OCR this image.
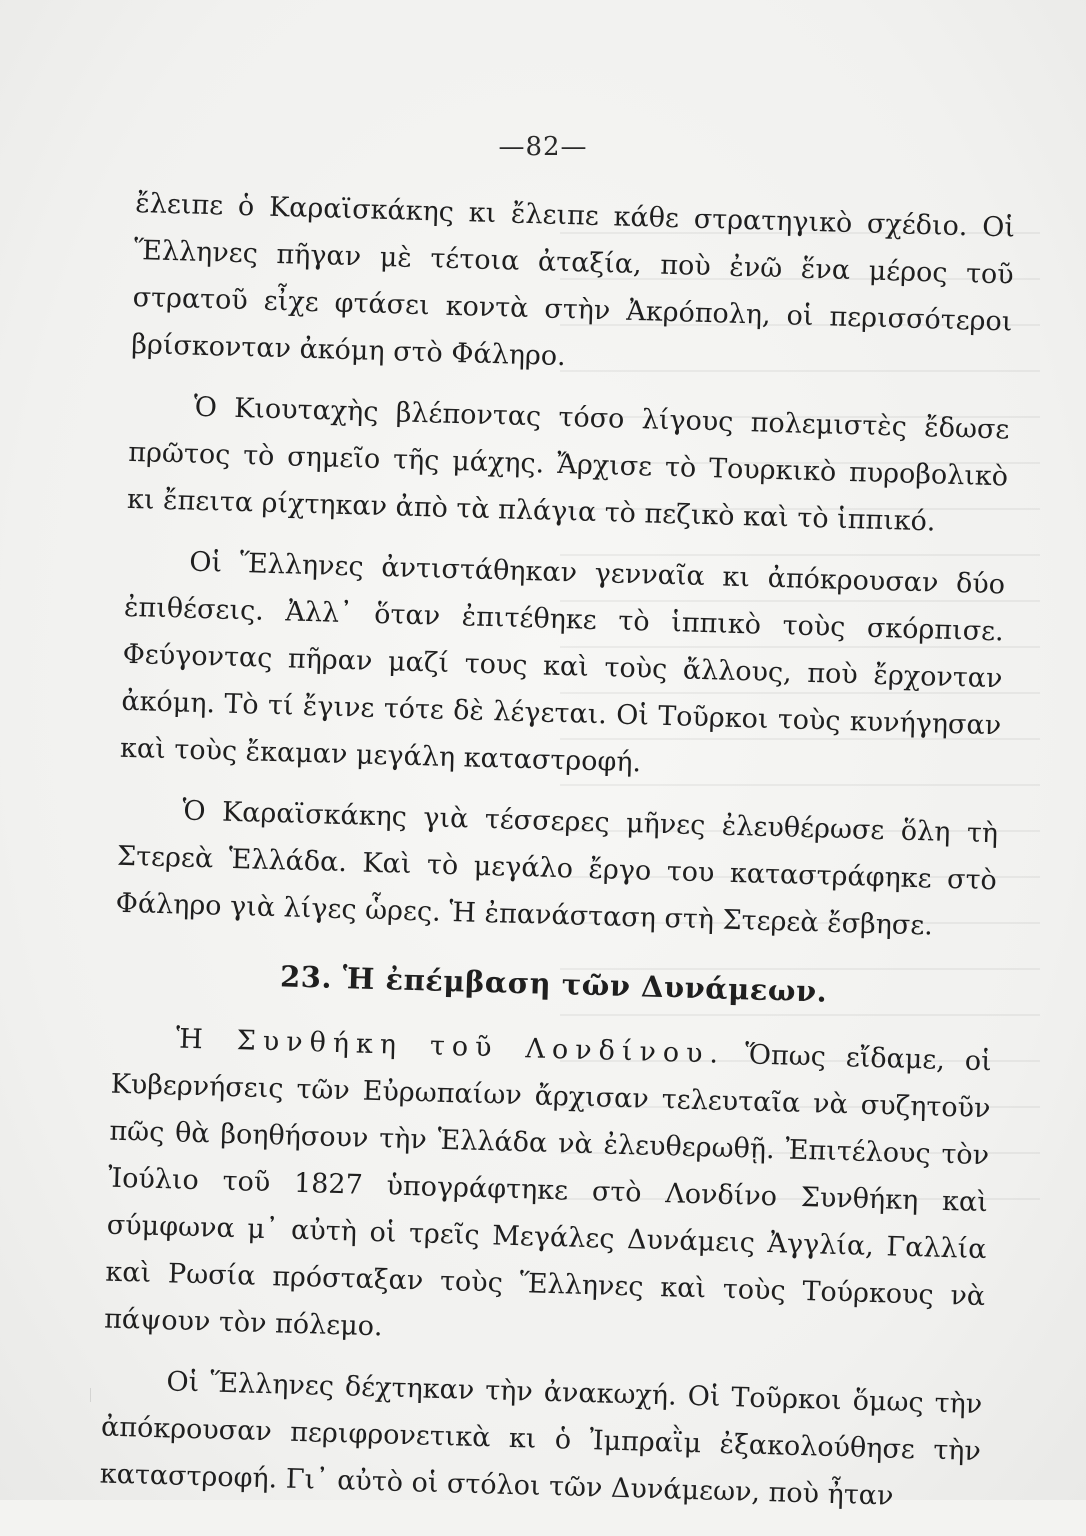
—82—

ἔλειπε ὁ Καραϊσκάκης κι ἔλειπε κάθε στρατηγικὸ σχέδιο. Οἱ Ἕλληνες πῆγαν μὲ τέτοια ἀταξία, ποὺ ἐνῶ ἕνα μέρος τοῦ στρατοῦ εἶχε φτάσει κοντὰ στὴν Ἀκρόπολη, οἱ περισσότεροι βρίσκονταν ἀκόμη στὸ Φάληρο.

Ὁ Κιουταχὴς βλέποντας τόσο λίγους πολεμιστὲς ἔδωσε πρῶτος τὸ σημεῖο τῆς μάχης. Ἄρχισε τὸ Τουρκικὸ πυροβολικὸ κι ἔπειτα ρίχτηκαν ἀπὸ τὰ πλάγια τὸ πεζικὸ καὶ τὸ ἱππικό.

Οἱ Ἕλληνες ἀντιστάθηκαν γενναῖα κι ἀπόκρουσαν δύο ἐπιθέσεις. Ἀλλ᾽ ὅταν ἐπιτέθηκε τὸ ἱππικὸ τοὺς σκόρπισε. Φεύγοντας πῆραν μαζί τους καὶ τοὺς ἄλλους, ποὺ ἔρχονταν ἀκόμη. Τὸ τί ἔγινε τότε δὲ λέγεται. Οἱ Τοῦρκοι τοὺς κυνήγησαν καὶ τοὺς ἔκαμαν μεγάλη καταστροφή.

Ὁ Καραϊσκάκης γιὰ τέσσερες μῆνες ἐλευθέρωσε ὅλη τὴ Στερεὰ Ἑλλάδα. Καὶ τὸ μεγάλο ἔργο του καταστράφηκε στὸ Φάληρο γιὰ λίγες ὧρες. Ἡ ἐπανάσταση στὴ Στερεὰ ἔσβησε.

23. Ἡ ἐπέμβαση τῶν Δυνάμεων.

Ἡ Συνθήκη τοῦ Λονδίνου. Ὅπως εἴδαμε, οἱ Κυβερνήσεις τῶν Εὐρωπαίων ἄρχισαν τελευταῖα νὰ συζητοῦν πῶς θὰ βοηθήσουν τὴν Ἑλλάδα νὰ ἐλευθερωθῇ. Ἐπιτέλους τὸν Ἰούλιο τοῦ 1827 ὑπογράφτηκε στὸ Λονδίνο Συνθήκη καὶ σύμφωνα μ᾽ αὐτὴ οἱ τρεῖς Μεγάλες Δυνάμεις Ἀγγλία, Γαλλία καὶ Ρωσία πρόσταξαν τοὺς Ἕλληνες καὶ τοὺς Τούρκους νὰ πάψουν τὸν πόλεμο.

Οἱ Ἕλληνες δέχτηκαν τὴν ἀνακωχή. Οἱ Τοῦρκοι ὅμως τὴν ἀπόκρουσαν περιφρονετικὰ κι ὁ Ἰμπραῒμ ἐξακολούθησε τὴν καταστροφή. Γι᾽ αὐτὸ οἱ στόλοι τῶν Δυνάμεων, ποὺ ἦταν
